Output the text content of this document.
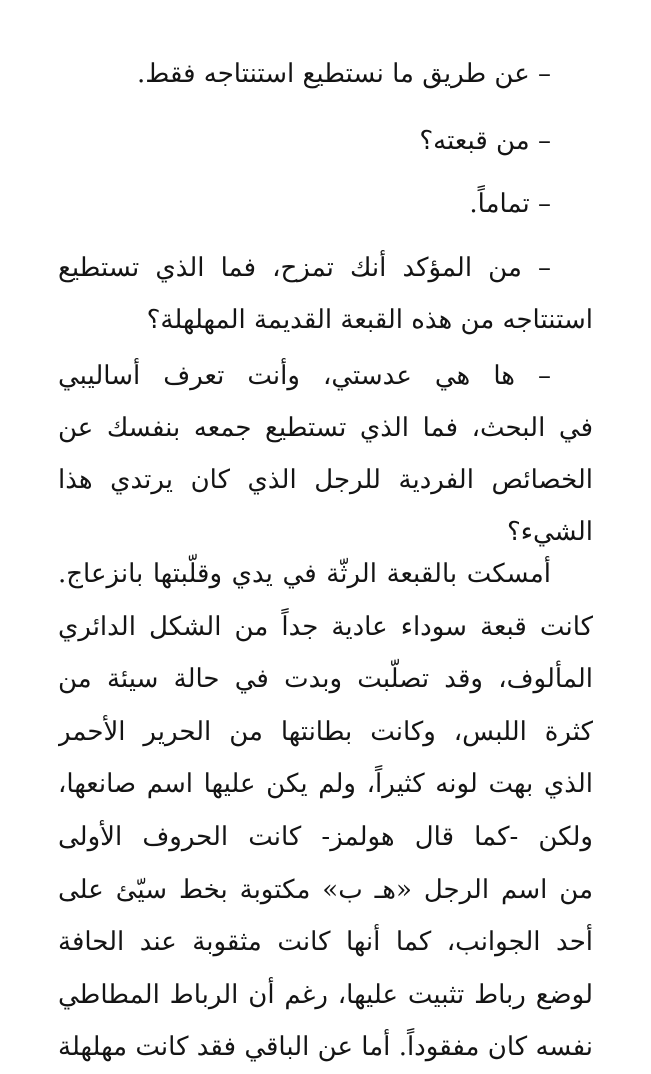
– عن طريق ما نستطيع استنتاجه فقط.
– من قبعته؟
– تماماً.
– من المؤكد أنك تمزح، فما الذي تستطيع
استنتاجه من هذه القبعة القديمة المهلهلة؟
– ها هي عدستي، وأنت تعرف أساليبي
في البحث، فما الذي تستطيع جمعه بنفسك عن
الخصائص الفردية للرجل الذي كان يرتدي هذا
الشيء؟
أمسكت بالقبعة الرثّة في يدي وقلّبتها بانزعاج.
كانت قبعة سوداء عادية جداً من الشكل الدائري
المألوف، وقد تصلّبت وبدت في حالة سيئة من
كثرة اللبس، وكانت بطانتها من الحرير الأحمر
الذي بهت لونه كثيراً، ولم يكن عليها اسم صانعها،
ولكن -كما قال هولمز- كانت الحروف الأولى
من اسم الرجل «هـ ب» مكتوبة بخط سيّئ على
أحد الجوانب، كما أنها كانت مثقوبة عند الحافة
لوضع رباط تثبيت عليها، رغم أن الرباط المطاطي
نفسه كان مفقوداً. أما عن الباقي فقد كانت مهلهلة
